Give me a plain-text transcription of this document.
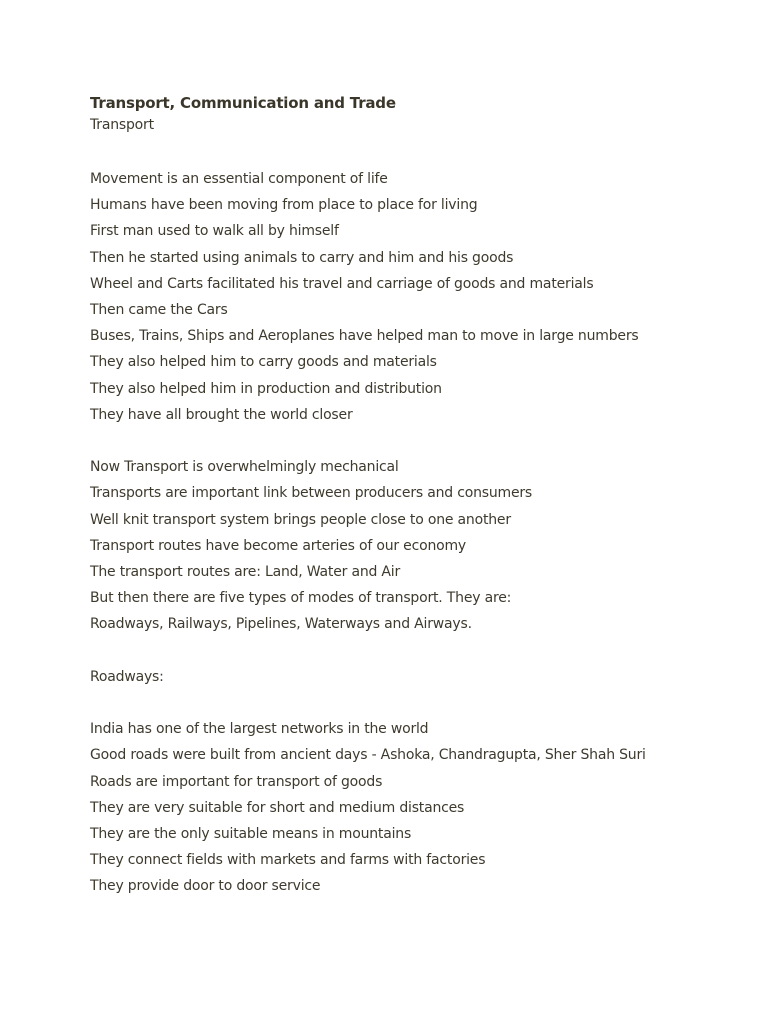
Transport, Communication and Trade
Transport
Movement is an essential component of life
Humans have been moving from place to place for living
First man used to walk all by himself
Then he started using animals to carry and him and his goods
Wheel and Carts facilitated his travel and carriage of goods and materials
Then came the Cars
Buses, Trains, Ships and Aeroplanes have helped man to move in large numbers
They also helped him to carry goods and materials
They also helped him in production and distribution
They have all brought the world closer
Now Transport is overwhelmingly mechanical
Transports are important link between producers and consumers
Well knit transport system brings people close to one another
Transport routes have become arteries of our economy
The transport routes are: Land, Water and Air
But then there are five types of modes of transport. They are:
Roadways, Railways, Pipelines, Waterways and Airways.
Roadways:
India has one of the largest networks in the world
Good roads were built from ancient days - Ashoka, Chandragupta, Sher Shah Suri
Roads are important for transport of goods
They are very suitable for short and medium distances
They are the only suitable means in mountains
They connect fields with markets and farms with factories
They provide door to door service
